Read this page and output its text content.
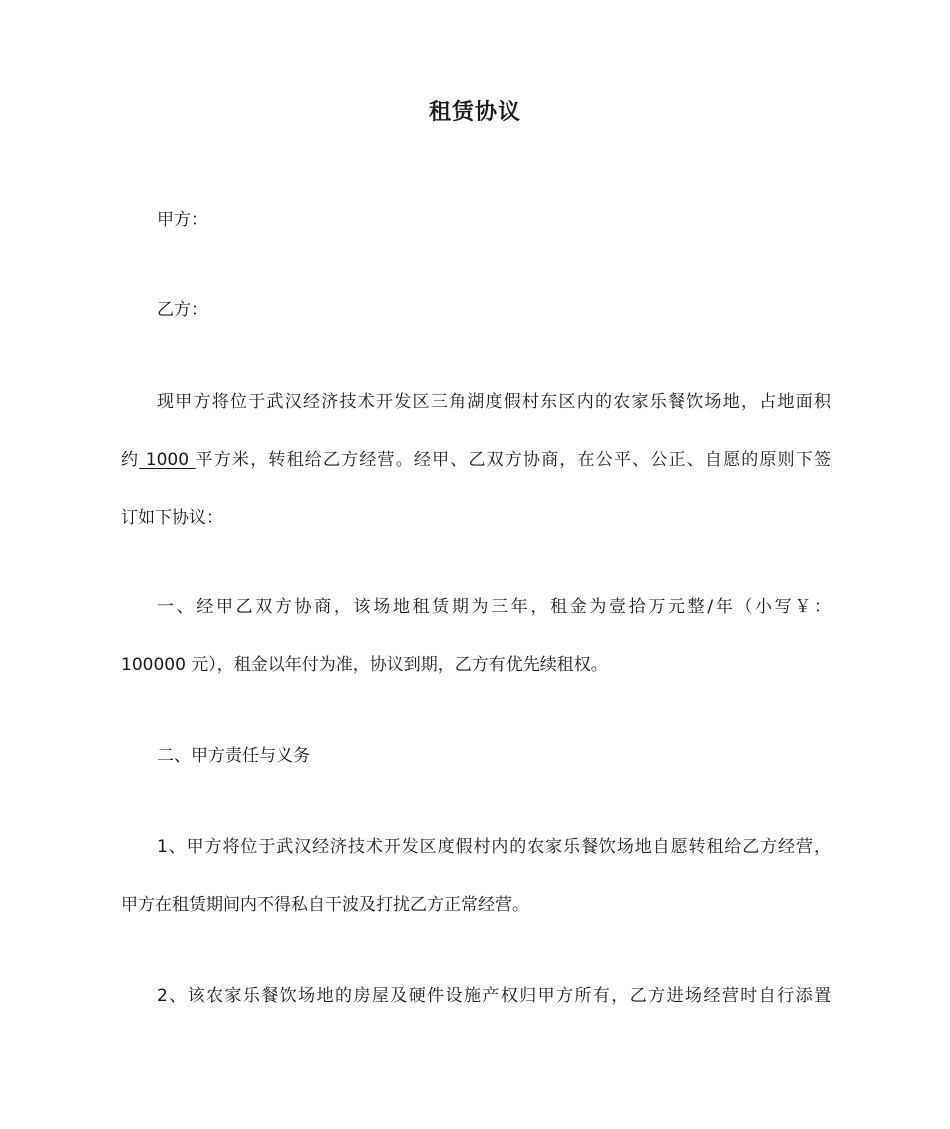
租赁协议
甲方：
乙方：
现甲方将位于武汉经济技术开发区三角湖度假村东区内的农家乐餐饮场地，占地面积
约 1000 平方米，转租给乙方经营。经甲、乙双方协商，在公平、公正、自愿的原则下签
订如下协议：
一、经甲乙双方协商，该场地租赁期为三年，租金为壹拾万元整/年（小写￥：
100000 元），租金以年付为准，协议到期，乙方有优先续租权。
二、甲方责任与义务
1、甲方将位于武汉经济技术开发区度假村内的农家乐餐饮场地自愿转租给乙方经营，
甲方在租赁期间内不得私自干波及打扰乙方正常经营。
2、该农家乐餐饮场地的房屋及硬件设施产权归甲方所有，乙方进场经营时自行添置
